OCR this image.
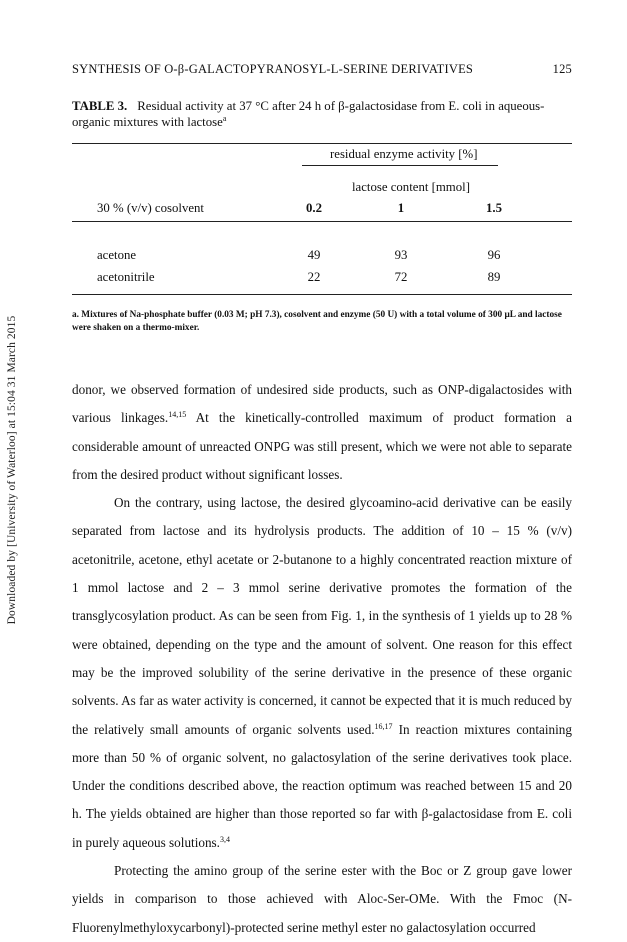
Downloaded by [University of Waterloo] at 15:04 31 March 2015
SYNTHESIS OF O-β-GALACTOPYRANOSYL-L-SERINE DERIVATIVES	125
TABLE 3. Residual activity at 37 °C after 24 h of β-galactosidase from E. coli in aqueous-organic mixtures with lactose$^a$
residual enzyme activity [%]
lactose content [mmol]
30 % (v/v) cosolvent	0.2	1	1.5
acetone	49	93	96
acetonitrile	22	72	89
a. Mixtures of Na-phosphate buffer (0.03 M; pH 7.3), cosolvent and enzyme (50 U) with a total volume of 300 μL and lactose were shaken on a thermo-mixer.

donor, we observed formation of undesired side products, such as ONP-digalactosides with various linkages.$^{14,15}$ At the kinetically-controlled maximum of product formation a considerable amount of unreacted ONPG was still present, which we were not able to separate from the desired product without significant losses.

On the contrary, using lactose, the desired glycoamino-acid derivative can be easily separated from lactose and its hydrolysis products. The addition of 10 – 15 % (v/v) acetonitrile, acetone, ethyl acetate or 2-butanone to a highly concentrated reaction mixture of 1 mmol lactose and 2 – 3 mmol serine derivative promotes the formation of the transglycosylation product. As can be seen from Fig. 1, in the synthesis of 1 yields up to 28 % were obtained, depending on the type and the amount of solvent. One reason for this effect may be the improved solubility of the serine derivative in the presence of these organic solvents. As far as water activity is concerned, it cannot be expected that it is much reduced by the relatively small amounts of organic solvents used.$^{16,17}$ In reaction mixtures containing more than 50 % of organic solvent, no galactosylation of the serine derivatives took place. Under the conditions described above, the reaction optimum was reached between 15 and 20 h. The yields obtained are higher than those reported so far with β-galactosidase from E. coli in purely aqueous solutions.$^{3,4}$

Protecting the amino group of the serine ester with the Boc or Z group gave lower yields in comparison to those achieved with Aloc-Ser-OMe. With the Fmoc (N-Fluorenylmethyloxycarbonyl)-protected serine methyl ester no galactosylation occurred
